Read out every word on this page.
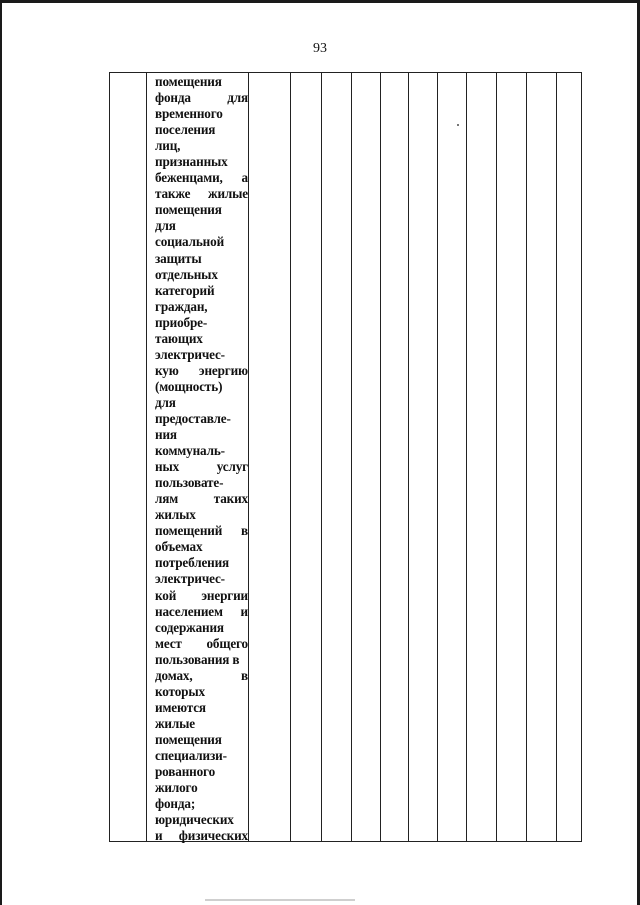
93
помещения
фонда	для
временного
поселения
лиц,
признанных
беженцами, а
также жилые
помещения
для
социальной
защиты
отдельных
категорий
граждан,
приобре-
тающих
электричес-
кую энергию
(мощность)
для
предоставле-
ния
коммуналь-
ных	услуг
пользовате-
лям	таких
жилых
помещений в
объемах
потребления
электричес-
кой энергии
населением и
содержания
мест общего
пользования в
домах,	в
которых
имеются
жилые
помещения
специализи-
рованного
жилого
фонда;
юридических
и физических
